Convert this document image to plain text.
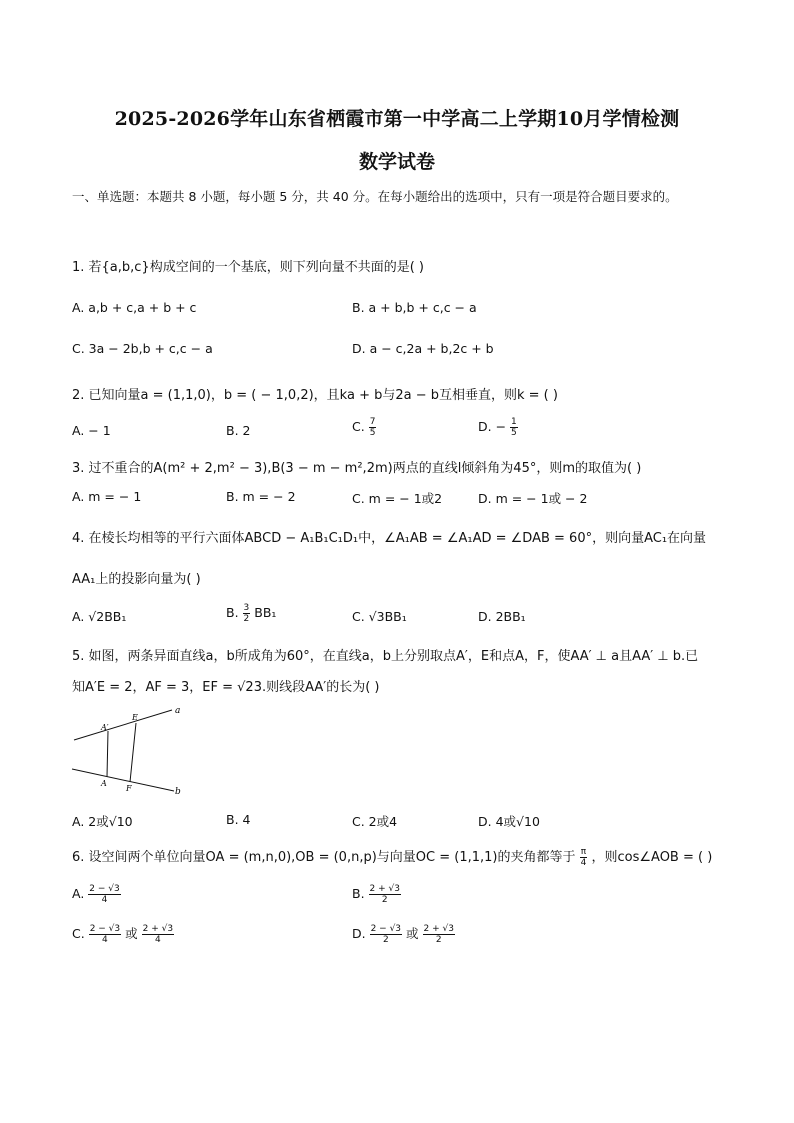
2025-2026学年山东省栖霞市第一中学高二上学期10月学情检测
数学试卷
一、单选题：本题共 8 小题，每小题 5 分，共 40 分。在每小题给出的选项中，只有一项是符合题目要求的。
1. 若{a,b,c}构成空间的一个基底，则下列向量不共面的是( )
A. a,b + c,a + b + c	B. a + b,b + c,c − a
C. 3a − 2b,b + c,c − a	D. a − c,2a + b,2c + b
2. 已知向量a = (1,1,0)，b = ( − 1,0,2)，且ka + b与2a − b互相垂直，则k = ( )
A. − 1	B. 2	C. $\frac{7}{5}$	D. − $\frac{1}{5}$
3. 过不重合的A(m² + 2,m² − 3),B(3 − m − m²,2m)两点的直线l倾斜角为45°，则m的取值为( )
A. m = − 1	B. m = − 2	C. m = − 1或2	D. m = − 1或 − 2
4. 在棱长均相等的平行六面体ABCD − A₁B₁C₁D₁中，∠A₁AB = ∠A₁AD = ∠DAB = 60°，则向量AC₁在向量
AA₁上的投影向量为( )
A. √2BB₁	B. $\frac{3}{2} BB_1$	C. √3BB₁	D. 2BB₁
5. 如图，两条异面直线a，b所成角为60°，在直线a，b上分别取点A′，E和点A，F，使AA′ ⊥ a且AA′ ⊥ b.已
知A′E = 2，AF = 3，EF = √23.则线段AA′的长为( )
a
b
A′
E
A
F
A. 2或√10	B. 4	C. 2或4	D. 4或√10
6. 设空间两个单位向量OA = (m,n,0),OB = (0,n,p)与向量OC = (1,1,1)的夹角都等于 $\frac{\pi}{4}$ ，则cos∠AOB = ( )
A. $\frac{2 - √3}{4}$	B. $\frac{2 + √3}{2}$
C. $\frac{2 - √3}{4}$ 或 $\frac{2 + √3}{4}$	D. $\frac{2 - √3}{2}$ 或 $\frac{2 + √3}{2}$
